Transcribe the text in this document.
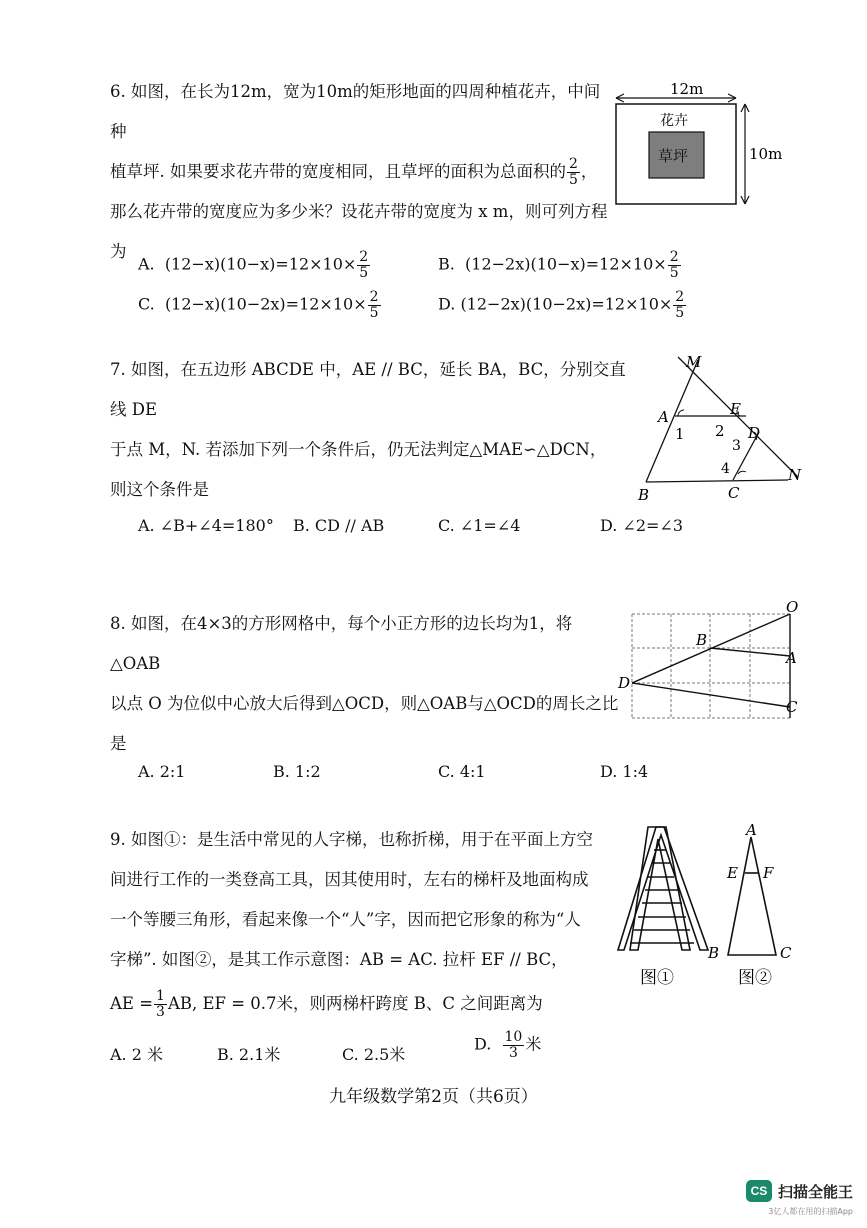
6. 如图，在长为12m，宽为10m的矩形地面的四周种植花卉，中间种
植草坪. 如果要求花卉带的宽度相同，且草坪的面积为总面积的 $\frac{2}{5}$ ，
那么花卉带的宽度应为多少米？设花卉带的宽度为 x m，则可列方程
为
12m
花卉
草坪	10m
A. $(12-x)(10-x)=12\times 10\times \frac{2}{5}$	B. $(12-2x)(10-x)=12\times 10\times \frac{2}{5}$
C. $(12-x)(10-2x)=12\times 10\times \frac{2}{5}$	D. $(12-2x)(10-2x)=12\times 10\times \frac{2}{5}$
7. 如图，在五边形 ABCDE 中，AE // BC，延长 BA，BC，分别交直线 DE
于点 M，N. 若添加下列一个条件后，仍无法判定△MAE∽△DCN，
则这个条件是
M
A	E
D
B	C
N
1 2
3
4
A. ∠B+∠4=180° B. CD // AB	C. ∠1=∠4	D. ∠2=∠3
8. 如图，在4×3的方形网格中，每个小正方形的边长均为1，将△OAB
以点 O 为位似中心放大后得到△OCD，则△OAB与△OCD的周长之比
是
O
B
A
D
C
A. 2:1	B. 1:2	C. 4:1	D. 1:4
9. 如图①：是生活中常见的人字梯，也称折梯，用于在平面上方空
间进行工作的一类登高工具，因其使用时，左右的梯杆及地面构成
一个等腰三角形，看起来像一个“人”字，因而把它形象的称为“人
字梯”. 如图②，是其工作示意图：AB = AC. 拉杆 EF // BC，
AE = $\frac{1}{3}$ AB, EF = 0.7米，则两梯杆跨度 B、C 之间距离为
A. 2 米	B. 2.1米	C. 2.5米
D. $\frac{10}{3}$ 米
图①
A
E F
B	C
图②
九年级数学第2页（共6页）
CS 扫描全能王
3亿人都在用的扫描App
